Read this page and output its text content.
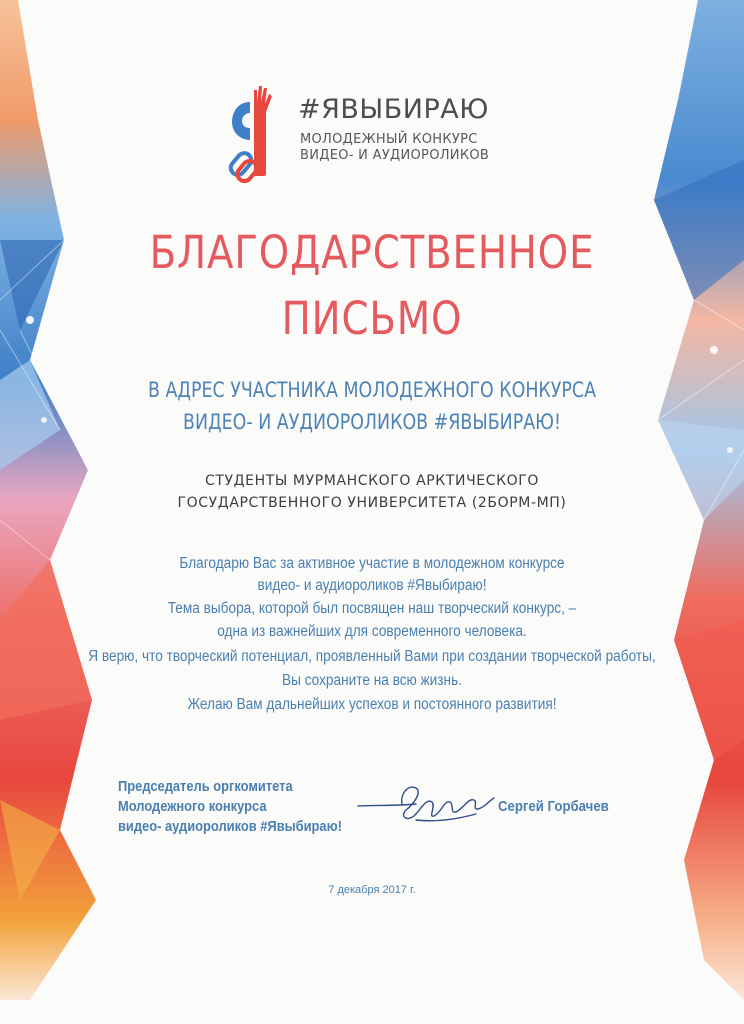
#ЯВЫБИРАЮ
МОЛОДЕЖНЫЙ КОНКУРС
ВИДЕО- И АУДИОРОЛИКОВ
БЛАГОДАРСТВЕННОЕ
ПИСЬМО
В АДРЕС УЧАСТНИКА МОЛОДЕЖНОГО КОНКУРСА
ВИДЕО- И АУДИОРОЛИКОВ #ЯВЫБИРАЮ!
СТУДЕНТЫ МУРМАНСКОГО АРКТИЧЕСКОГО
ГОСУДАРСТВЕННОГО УНИВЕРСИТЕТА (2БОРМ-МП)
Благодарю Вас за активное участие в молодежном конкурсе
видео- и аудиороликов #Явыбираю!
Тема выбора, которой был посвящен наш творческий конкурс, –
одна из важнейших для современного человека.
Я верю, что творческий потенциал, проявленный Вами при создании творческой работы,
Вы сохраните на всю жизнь.
Желаю Вам дальнейших успехов и постоянного развития!
Председатель оргкомитета
Молодежного конкурса
видео- аудиороликов #Явыбираю!
Сергей Горбачев
7 декабря 2017 г.
